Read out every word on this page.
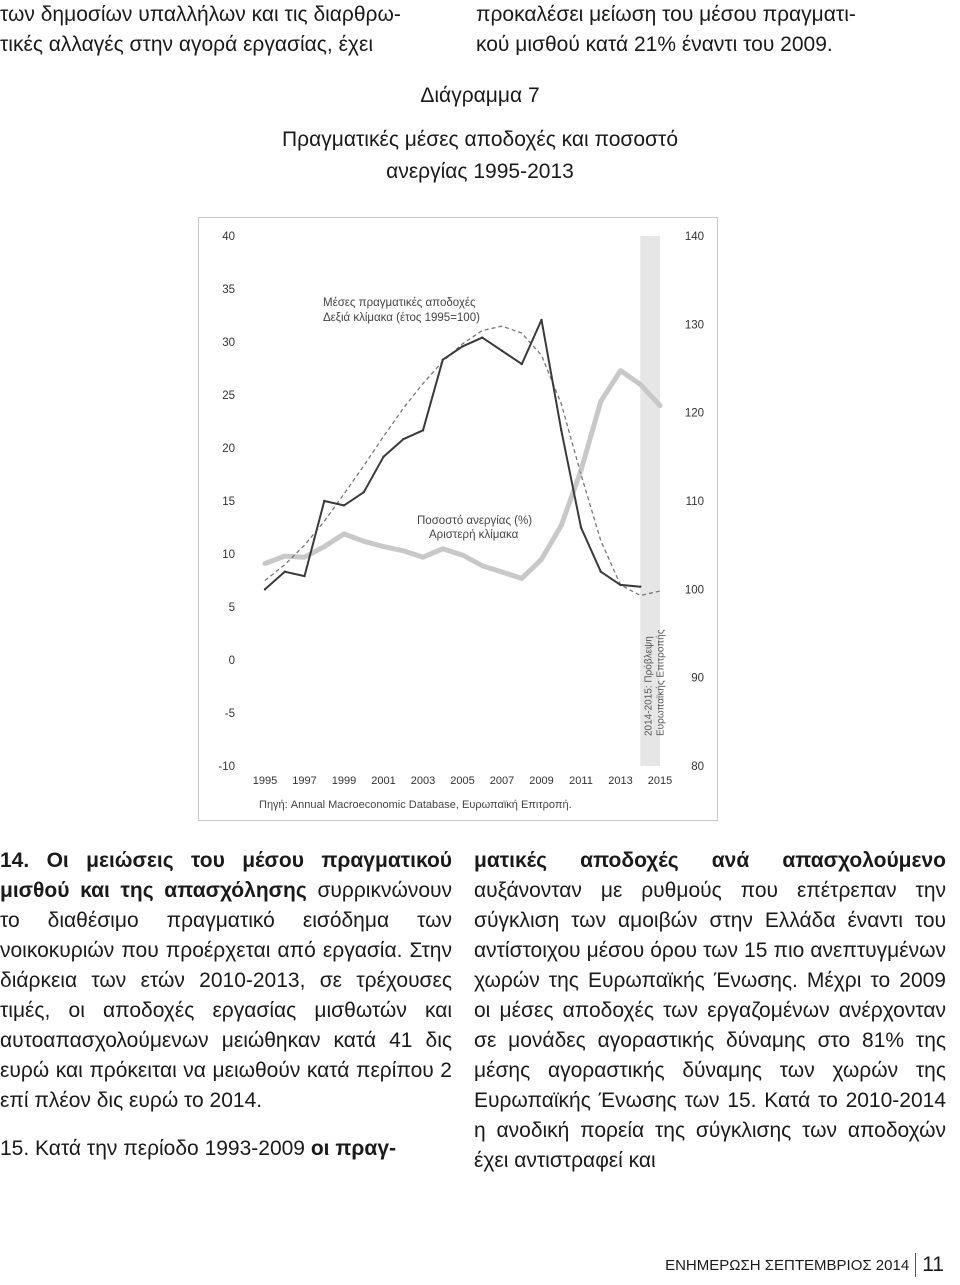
των δημοσίων υπαλλήλων και τις διαρθρω-
τικές αλλαγές στην αγορά εργασίας, έχει
προκαλέσει μείωση του μέσου πραγματι-
κού μισθού κατά 21% έναντι του 2009.
Διάγραμμα 7
Πραγματικές μέσες αποδοχές και ποσοστό
ανεργίας 1995-2013
2014-2015: Πρόβλεψη Ευρωπαϊκής Επιτροπής
40
35
30
25
20
15
10
5
0
-5
-10
140
130
120
110
100
90
80
1995 1997 1999 2001 2003 2005 2007 2009 2011 2013 2015
Μέσες πραγματικές αποδοχές
Δεξιά κλίμακα (έτος 1995=100)
Ποσοστό ανεργίας (%)
Αριστερή κλίμακα
Πηγή: Annual Macroeconomic Database, Ευρωπαϊκή Επιτροπή.

14. Οι μειώσεις του μέσου πραγματικού μισθού και της απασχόλησης συρρικνώνουν το διαθέσιμο πραγματικό εισόδημα των νοικοκυριών που προέρχεται από εργασία. Στην διάρκεια των ετών 2010-2013, σε τρέχουσες τιμές, οι αποδοχές εργασίας μισθωτών και αυτοαπασχολούμενων μειώθηκαν κατά 41 δις ευρώ και πρόκειται να μειωθούν κατά περίπου 2 επί πλέον δις ευρώ το 2014.

15. Κατά την περίοδο 1993-2009 οι πραγ-

ματικές αποδοχές ανά απασχολούμενο αυξάνονταν με ρυθμούς που επέτρεπαν την σύγκλιση των αμοιβών στην Ελλάδα έναντι του αντίστοιχου μέσου όρου των 15 πιο ανεπτυγμένων χωρών της Ευρωπαϊκής Ένωσης. Μέχρι το 2009 οι μέσες αποδοχές των εργαζομένων ανέρχονταν σε μονάδες αγοραστικής δύναμης στο 81% της μέσης αγοραστικής δύναμης των χωρών της Ευρωπαϊκής Ένωσης των 15. Κατά το 2010-2014 η ανοδική πορεία της σύγκλισης των αποδοχών έχει αντιστραφεί και

ΕΝΗΜΕΡΩΣΗ ΣΕΠΤΕΜΒΡΙΟΣ 2014 11
